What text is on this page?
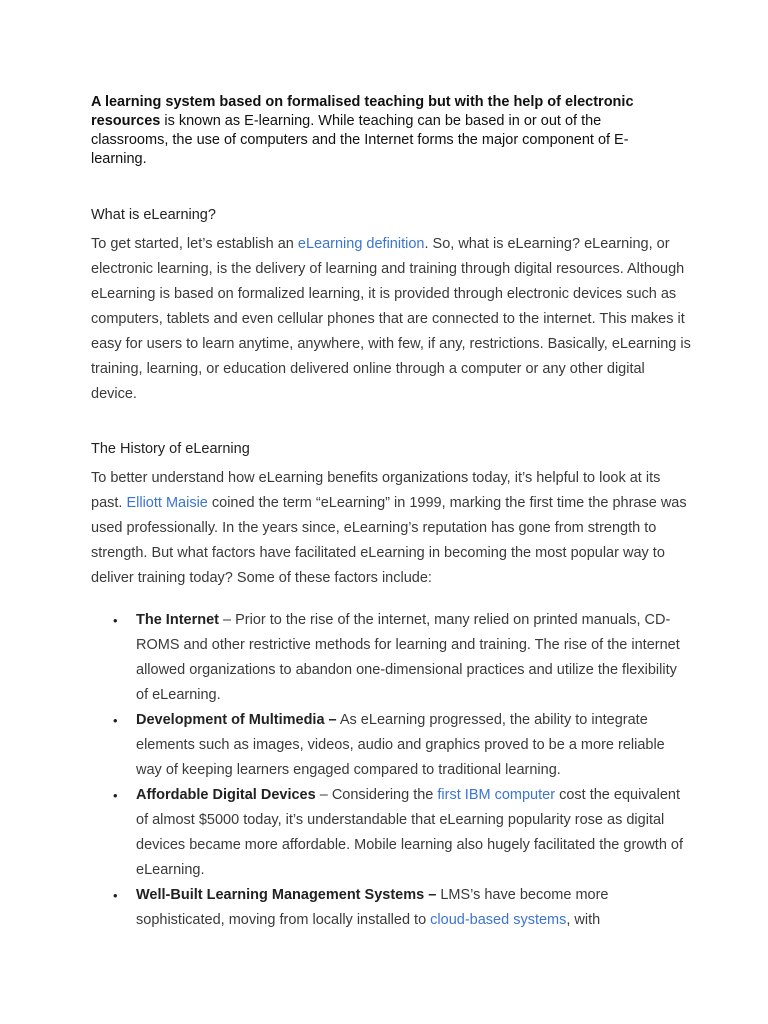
A learning system based on formalised teaching but with the help of electronic resources is known as E-learning. While teaching can be based in or out of the classrooms, the use of computers and the Internet forms the major component of E-learning.

What is eLearning?

To get started, let’s establish an eLearning definition. So, what is eLearning? eLearning, or electronic learning, is the delivery of learning and training through digital resources. Although eLearning is based on formalized learning, it is provided through electronic devices such as computers, tablets and even cellular phones that are connected to the internet. This makes it easy for users to learn anytime, anywhere, with few, if any, restrictions. Basically, eLearning is training, learning, or education delivered online through a computer or any other digital device.

The History of eLearning

To better understand how eLearning benefits organizations today, it’s helpful to look at its past. Elliott Maisie coined the term “eLearning” in 1999, marking the first time the phrase was used professionally. In the years since, eLearning’s reputation has gone from strength to strength. But what factors have facilitated eLearning in becoming the most popular way to deliver training today? Some of these factors include:

• The Internet – Prior to the rise of the internet, many relied on printed manuals, CD-ROMS and other restrictive methods for learning and training. The rise of the internet allowed organizations to abandon one-dimensional practices and utilize the flexibility of eLearning.
• Development of Multimedia – As eLearning progressed, the ability to integrate elements such as images, videos, audio and graphics proved to be a more reliable way of keeping learners engaged compared to traditional learning.
• Affordable Digital Devices – Considering the first IBM computer cost the equivalent of almost $5000 today, it’s understandable that eLearning popularity rose as digital devices became more affordable. Mobile learning also hugely facilitated the growth of eLearning.
• Well-Built Learning Management Systems – LMS’s have become more sophisticated, moving from locally installed to cloud-based systems, with
